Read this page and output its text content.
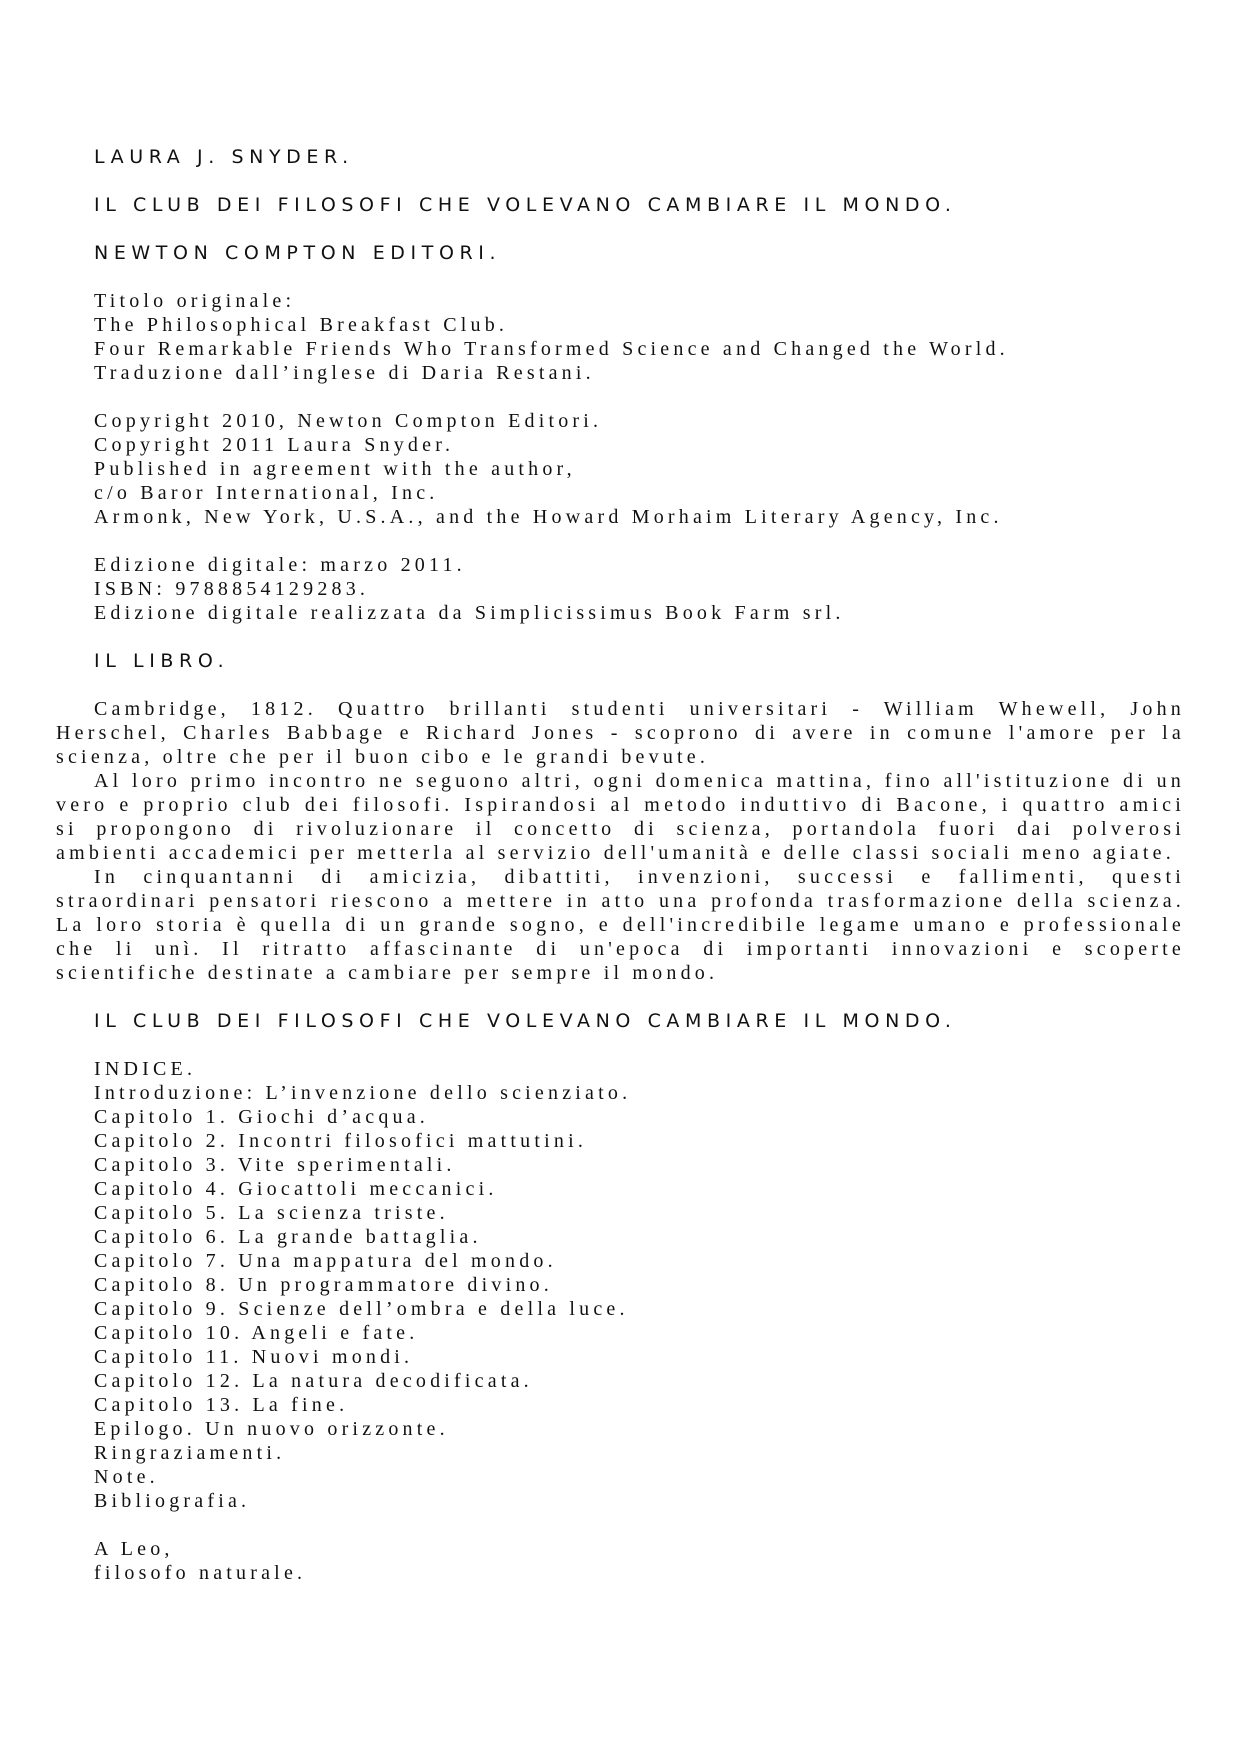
LAURA J. SNYDER.
IL CLUB DEI FILOSOFI CHE VOLEVANO CAMBIARE IL MONDO.
NEWTON COMPTON EDITORI.
Titolo originale:
The Philosophical Breakfast Club.
Four Remarkable Friends Who Transformed Science and Changed the World.
Traduzione dall’inglese di Daria Restani.
Copyright 2010, Newton Compton Editori.
Copyright 2011 Laura Snyder.
Published in agreement with the author,
c/o Baror International, Inc.
Armonk, New York, U.S.A., and the Howard Morhaim Literary Agency, Inc.
Edizione digitale: marzo 2011.
ISBN: 9788854129283.
Edizione digitale realizzata da Simplicissimus Book Farm srl.
IL LIBRO.

Cambridge, 1812. Quattro brillanti studenti universitari - William Whewell, John Herschel, Charles Babbage e Richard Jones - scoprono di avere in comune l'amore per la scienza, oltre che per il buon cibo e le grandi bevute.

Al loro primo incontro ne seguono altri, ogni domenica mattina, fino all'istituzione di un vero e proprio club dei filosofi. Ispirandosi al metodo induttivo di Bacone, i quattro amici si propongono di rivoluzionare il concetto di scienza, portandola fuori dai polverosi ambienti accademici per metterla al servizio dell'umanità e delle classi sociali meno agiate.

In cinquantanni di amicizia, dibattiti, invenzioni, successi e fallimenti, questi straordinari pensatori riescono a mettere in atto una profonda trasformazione della scienza. La loro storia è quella di un grande sogno, e dell'incredibile legame umano e professionale che li unì. Il ritratto affascinante di un'epoca di importanti innovazioni e scoperte scientifiche destinate a cambiare per sempre il mondo.

IL CLUB DEI FILOSOFI CHE VOLEVANO CAMBIARE IL MONDO.
INDICE.
Introduzione: L’invenzione dello scienziato.
Capitolo 1. Giochi d’acqua.
Capitolo 2. Incontri filosofici mattutini.
Capitolo 3. Vite sperimentali.
Capitolo 4. Giocattoli meccanici.
Capitolo 5. La scienza triste.
Capitolo 6. La grande battaglia.
Capitolo 7. Una mappatura del mondo.
Capitolo 8. Un programmatore divino.
Capitolo 9. Scienze dell’ombra e della luce.
Capitolo 10. Angeli e fate.
Capitolo 11. Nuovi mondi.
Capitolo 12. La natura decodificata.
Capitolo 13. La fine.
Epilogo. Un nuovo orizzonte.
Ringraziamenti.
Note.
Bibliografia.
A Leo,
filosofo naturale.
